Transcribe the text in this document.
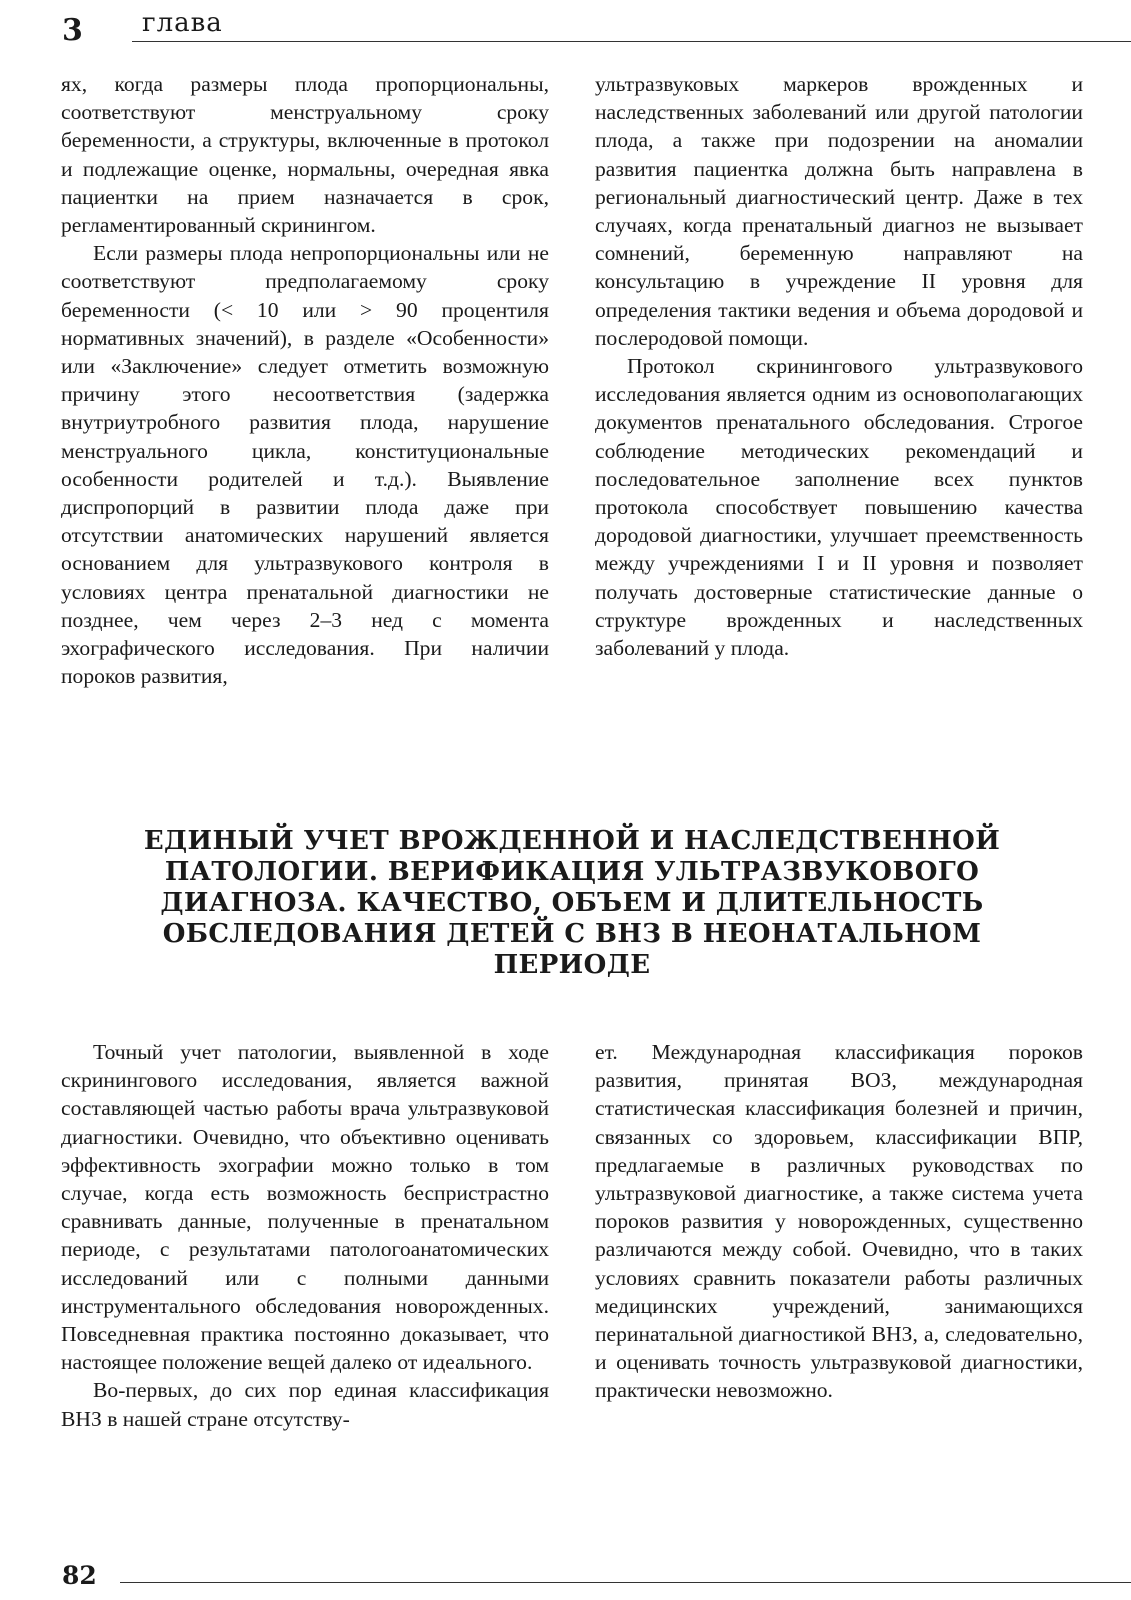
3 глава

ях, когда размеры плода пропорциональны, соответствуют менструальному сроку беременности, а структуры, включенные в протокол и подлежащие оценке, нормальны, очередная явка пациентки на прием назначается в срок, регламентированный скринингом.

Если размеры плода непропорциональны или не соответствуют предполагаемому сроку беременности (< 10 или > 90 процентиля нормативных значений), в разделе «Особенности» или «Заключение» следует отметить возможную причину этого несоответствия (задержка внутриутробного развития плода, нарушение менструального цикла, конституциональные особенности родителей и т.д.). Выявление диспропорций в развитии плода даже при отсутствии анатомических нарушений является основанием для ультразвукового контроля в условиях центра пренатальной диагностики не позднее, чем через 2–3 нед с момента эхографического исследования. При наличии пороков развития,

ультразвуковых маркеров врожденных и наследственных заболеваний или другой патологии плода, а также при подозрении на аномалии развития пациентка должна быть направлена в региональный диагностический центр. Даже в тех случаях, когда пренатальный диагноз не вызывает сомнений, беременную направляют на консультацию в учреждение II уровня для определения тактики ведения и объема дородовой и послеродовой помощи.

Протокол скринингового ультразвукового исследования является одним из основополагающих документов пренатального обследования. Строгое соблюдение методических рекомендаций и последовательное заполнение всех пунктов протокола способствует повышению качества дородовой диагностики, улучшает преемственность между учреждениями I и II уровня и позволяет получать достоверные статистические данные о структуре врожденных и наследственных заболеваний у плода.

ЕДИНЫЙ УЧЕТ ВРОЖДЕННОЙ И НАСЛЕДСТВЕННОЙ ПАТОЛОГИИ. ВЕРИФИКАЦИЯ УЛЬТРАЗВУКОВОГО ДИАГНОЗА. КАЧЕСТВО, ОБЪЕМ И ДЛИТЕЛЬНОСТЬ ОБСЛЕДОВАНИЯ ДЕТЕЙ С ВНЗ В НЕОНАТАЛЬНОМ ПЕРИОДЕ

Точный учет патологии, выявленной в ходе скринингового исследования, является важной составляющей частью работы врача ультразвуковой диагностики. Очевидно, что объективно оценивать эффективность эхографии можно только в том случае, когда есть возможность беспристрастно сравнивать данные, полученные в пренатальном периоде, с результатами патологоанатомических исследований или с полными данными инструментального обследования новорожденных. Повседневная практика постоянно доказывает, что настоящее положение вещей далеко от идеального.

Во-первых, до сих пор единая классификация ВНЗ в нашей стране отсутству-

ет. Международная классификация пороков развития, принятая ВОЗ, международная статистическая классификация болезней и причин, связанных со здоровьем, классификации ВПР, предлагаемые в различных руководствах по ультразвуковой диагностике, а также система учета пороков развития у новорожденных, существенно различаются между собой. Очевидно, что в таких условиях сравнить показатели работы различных медицинских учреждений, занимающихся перинатальной диагностикой ВНЗ, а, следовательно, и оценивать точность ультразвуковой диагностики, практически невозможно.

82
